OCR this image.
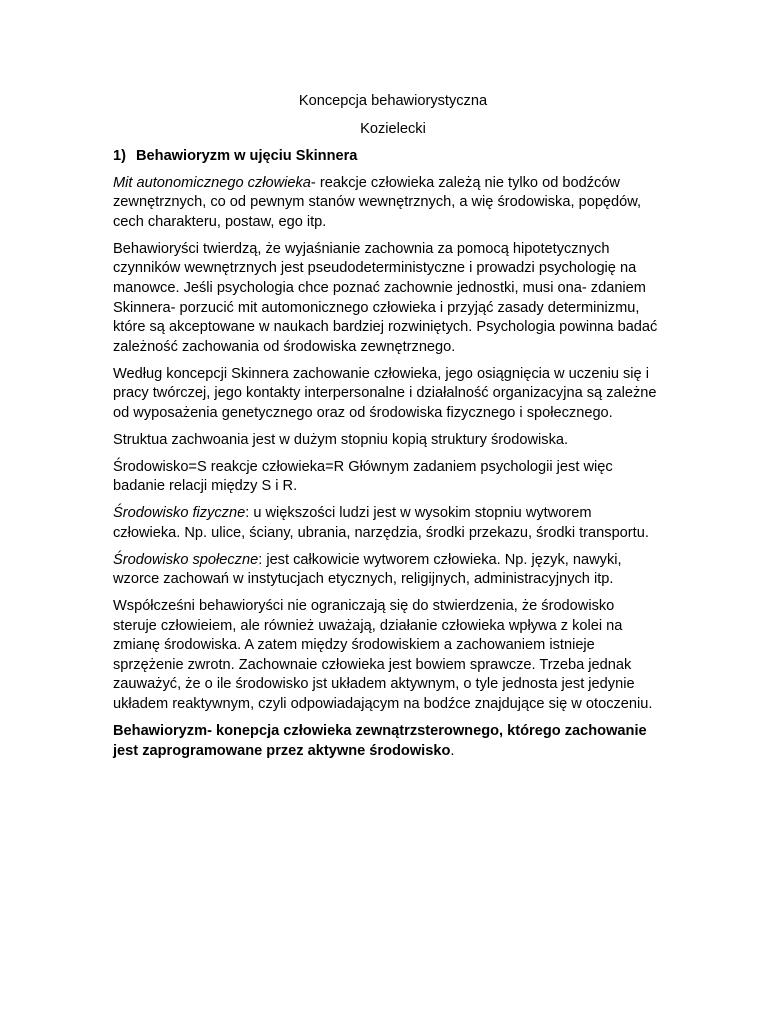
Koncepcja behawiorystyczna

Kozielecki

1) Behawioryzm w ujęciu Skinnera

Mit autonomicznego człowieka- reakcje człowieka zależą nie tylko od bodźców
zewnętrznych, co od pewnym stanów wewnętrznych, a wię środowiska, popędów,
cech charakteru, postaw, ego itp.

Behawioryści twierdzą, że wyjaśnianie zachownia za pomocą hipotetycznych
czynników wewnętrznych jest pseudodeterministyczne i prowadzi psychologię na
manowce. Jeśli psychologia chce poznać zachownie jednostki, musi ona- zdaniem
Skinnera- porzucić mit automonicznego człowieka i przyjąć zasady determinizmu,
które są akceptowane w naukach bardziej rozwiniętych. Psychologia powinna badać
zależność zachowania od środowiska zewnętrznego.

Według koncepcji Skinnera zachowanie człowieka, jego osiągnięcia w uczeniu się i
pracy twórczej, jego kontakty interpersonalne i działalność organizacyjna są zależne
od wyposażenia genetycznego oraz od środowiska fizycznego i społecznego.

Struktua zachwoania jest w dużym stopniu kopią struktury środowiska.

Środowisko=S reakcje człowieka=R Głównym zadaniem psychologii jest więc
badanie relacji między S i R.

Środowisko fizyczne: u większości ludzi jest w wysokim stopniu wytworem
człowieka. Np. ulice, ściany, ubrania, narzędzia, środki przekazu, środki transportu.

Środowisko społeczne: jest całkowicie wytworem człowieka. Np. język, nawyki,
wzorce zachowań w instytucjach etycznych, religijnych, administracyjnych itp.

Współcześni behawioryści nie ograniczają się do stwierdzenia, że środowisko
steruje człowieiem, ale również uważają, działanie człowieka wpływa z kolei na
zmianę środowiska. A zatem między środowiskiem a zachowaniem istnieje
sprzężenie zwrotn. Zachownaie człowieka jest bowiem sprawcze. Trzeba jednak
zauważyć, że o ile środowisko jst układem aktywnym, o tyle jednosta jest jedynie
układem reaktywnym, czyli odpowiadającym na bodźce znajdujące się w otoczeniu.

Behawioryzm- konepcja człowieka zewnątrzsterownego, którego zachowanie
jest zaprogramowane przez aktywne środowisko.
